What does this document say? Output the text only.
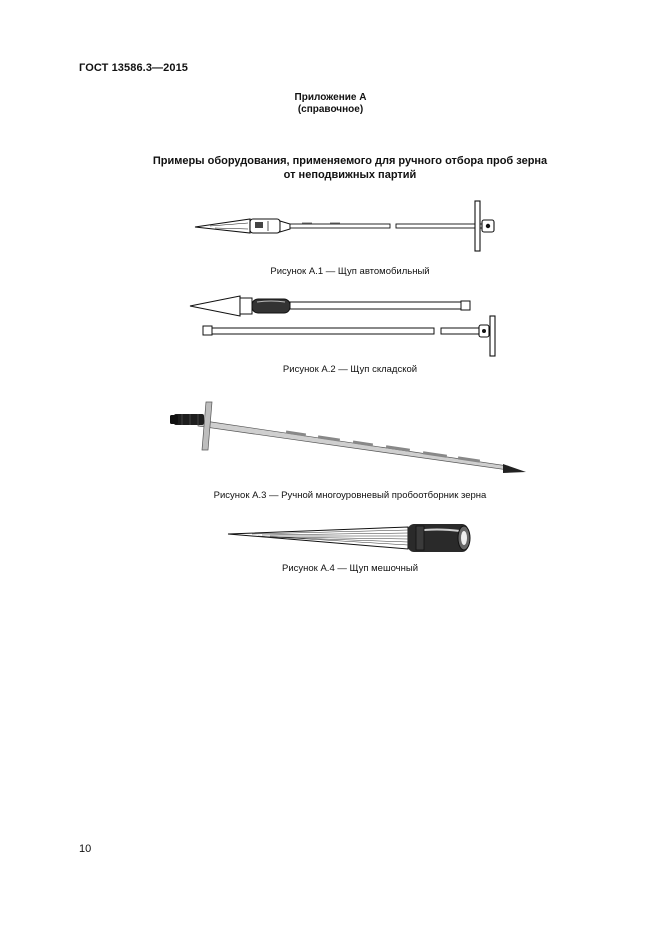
ГОСТ 13586.3—2015
Приложение А
(справочное)
Примеры оборудования, применяемого для ручного отбора проб зерна
от неподвижных партий
Рисунок А.1 — Щуп автомобильный
Рисунок А.2 — Щуп складской
Рисунок А.3 — Ручной многоуровневый пробоотборник зерна
Рисунок А.4 — Щуп мешочный
10
